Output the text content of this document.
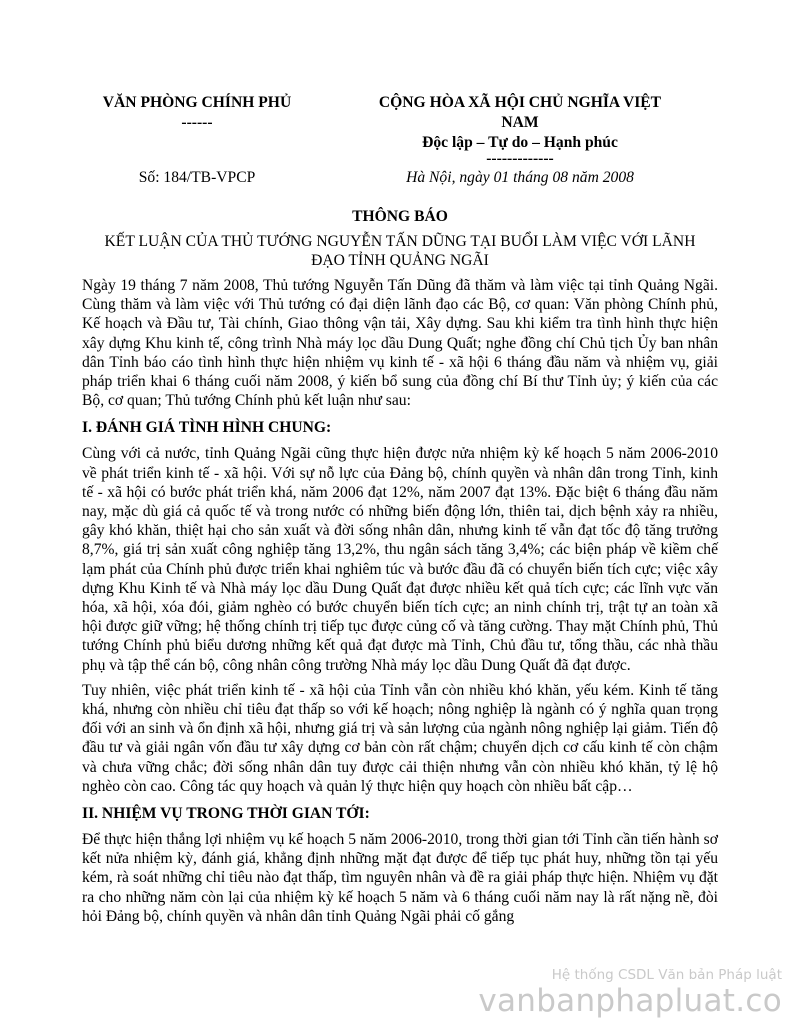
VĂN PHÒNG CHÍNH PHỦ
------
CỘNG HÒA XÃ HỘI CHỦ NGHĨA VIỆT
NAM
Độc lập – Tự do – Hạnh phúc
-------------
Số: 184/TB-VPCP	Hà Nội, ngày 01 tháng 08 năm 2008
THÔNG BÁO
KẾT LUẬN CỦA THỦ TƯỚNG NGUYỄN TẤN DŨNG TẠI BUỔI LÀM VIỆC VỚI LÃNH ĐẠO TỈNH QUẢNG NGÃI

Ngày 19 tháng 7 năm 2008, Thủ tướng Nguyễn Tấn Dũng đã thăm và làm việc tại tỉnh Quảng Ngãi. Cùng thăm và làm việc với Thủ tướng có đại diện lãnh đạo các Bộ, cơ quan: Văn phòng Chính phủ, Kế hoạch và Đầu tư, Tài chính, Giao thông vận tải, Xây dựng. Sau khi kiểm tra tình hình thực hiện xây dựng Khu kinh tế, công trình Nhà máy lọc dầu Dung Quất; nghe đồng chí Chủ tịch Ủy ban nhân dân Tỉnh báo cáo tình hình thực hiện nhiệm vụ kinh tế - xã hội 6 tháng đầu năm và nhiệm vụ, giải pháp triển khai 6 tháng cuối năm 2008, ý kiến bổ sung của đồng chí Bí thư Tỉnh ủy; ý kiến của các Bộ, cơ quan; Thủ tướng Chính phủ kết luận như sau:

I. ĐÁNH GIÁ TÌNH HÌNH CHUNG:

Cùng với cả nước, tỉnh Quảng Ngãi cũng thực hiện được nửa nhiệm kỳ kế hoạch 5 năm 2006-2010 về phát triển kinh tế - xã hội. Với sự nỗ lực của Đảng bộ, chính quyền và nhân dân trong Tỉnh, kinh tế - xã hội có bước phát triển khá, năm 2006 đạt 12%, năm 2007 đạt 13%. Đặc biệt 6 tháng đầu năm nay, mặc dù giá cả quốc tế và trong nước có những biến động lớn, thiên tai, dịch bệnh xảy ra nhiều, gây khó khăn, thiệt hại cho sản xuất và đời sống nhân dân, nhưng kinh tế vẫn đạt tốc độ tăng trưởng 8,7%, giá trị sản xuất công nghiệp tăng 13,2%, thu ngân sách tăng 3,4%; các biện pháp về kiềm chế lạm phát của Chính phủ được triển khai nghiêm túc và bước đầu đã có chuyển biến tích cực; việc xây dựng Khu Kinh tế và Nhà máy lọc dầu Dung Quất đạt được nhiều kết quả tích cực; các lĩnh vực văn hóa, xã hội, xóa đói, giảm nghèo có bước chuyển biến tích cực; an ninh chính trị, trật tự an toàn xã hội được giữ vững; hệ thống chính trị tiếp tục được củng cố và tăng cường. Thay mặt Chính phủ, Thủ tướng Chính phủ biểu dương những kết quả đạt được mà Tỉnh, Chủ đầu tư, tổng thầu, các nhà thầu phụ và tập thể cán bộ, công nhân công trường Nhà máy lọc dầu Dung Quất đã đạt được.

Tuy nhiên, việc phát triển kinh tế - xã hội của Tỉnh vẫn còn nhiều khó khăn, yếu kém. Kinh tế tăng khá, nhưng còn nhiều chỉ tiêu đạt thấp so với kế hoạch; nông nghiệp là ngành có ý nghĩa quan trọng đối với an sinh và ổn định xã hội, nhưng giá trị và sản lượng của ngành nông nghiệp lại giảm. Tiến độ đầu tư và giải ngân vốn đầu tư xây dựng cơ bản còn rất chậm; chuyển dịch cơ cấu kinh tế còn chậm và chưa vững chắc; đời sống nhân dân tuy được cải thiện nhưng vẫn còn nhiều khó khăn, tỷ lệ hộ nghèo còn cao. Công tác quy hoạch và quản lý thực hiện quy hoạch còn nhiều bất cập…

II. NHIỆM VỤ TRONG THỜI GIAN TỚI:

Để thực hiện thắng lợi nhiệm vụ kế hoạch 5 năm 2006-2010, trong thời gian tới Tỉnh cần tiến hành sơ kết nửa nhiệm kỳ, đánh giá, khẳng định những mặt đạt được để tiếp tục phát huy, những tồn tại yếu kém, rà soát những chỉ tiêu nào đạt thấp, tìm nguyên nhân và đề ra giải pháp thực hiện. Nhiệm vụ đặt ra cho những năm còn lại của nhiệm kỳ kế hoạch 5 năm và 6 tháng cuối năm nay là rất nặng nề, đòi hỏi Đảng bộ, chính quyền và nhân dân tỉnh Quảng Ngãi phải cố gắng

Hệ thống CSDL Văn bản Pháp luật
vanbanphapluat.co
